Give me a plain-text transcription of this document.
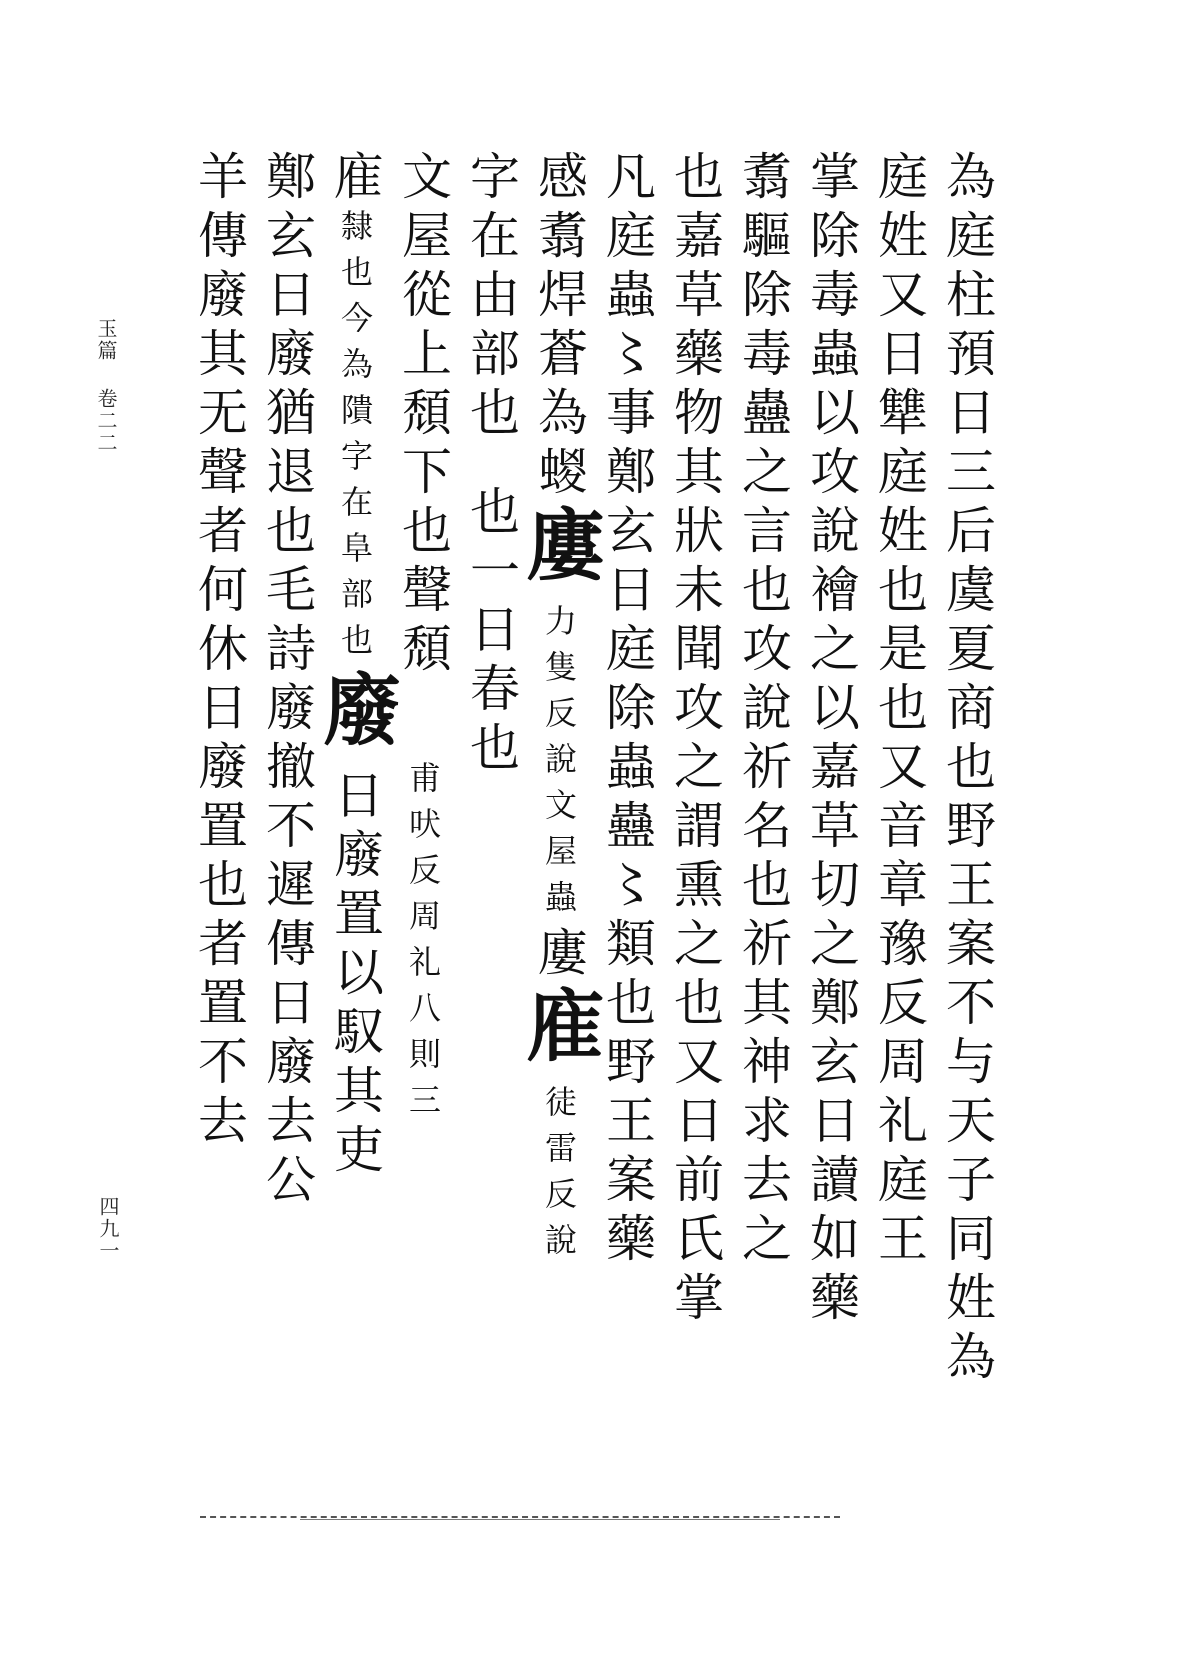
玉篇卷二二
四九一	為庭柱預日三后虞夏商也野王案不与天子同姓為
庭姓又日犨庭姓也是也又音章豫反周礼庭王
掌除毒蟲以攻說襘之以嘉草切之鄭玄日讀如藥
翥驅除毒蠱之言也攻說祈名也祈其神求去之
也嘉草藥物其狀未聞攻之謂熏之也又日前氏掌
凡庭蟲〻事鄭玄日庭除蟲蠱〻類也野王案藥
感翥焊蒼為蝬廔力隻反說文屋蟲廔㢈徒雷反說
字在由部也也一日春也
文屋從上頹下也聲頹甫吠反周礼八則三
㢈隸也今為隤字在阜部也廢日廢置以馭其吏
鄭玄日廢猶退也毛詩廢撤不遲傳日廢去公
羊傳廢其无聲者何休日廢置也者置不去
